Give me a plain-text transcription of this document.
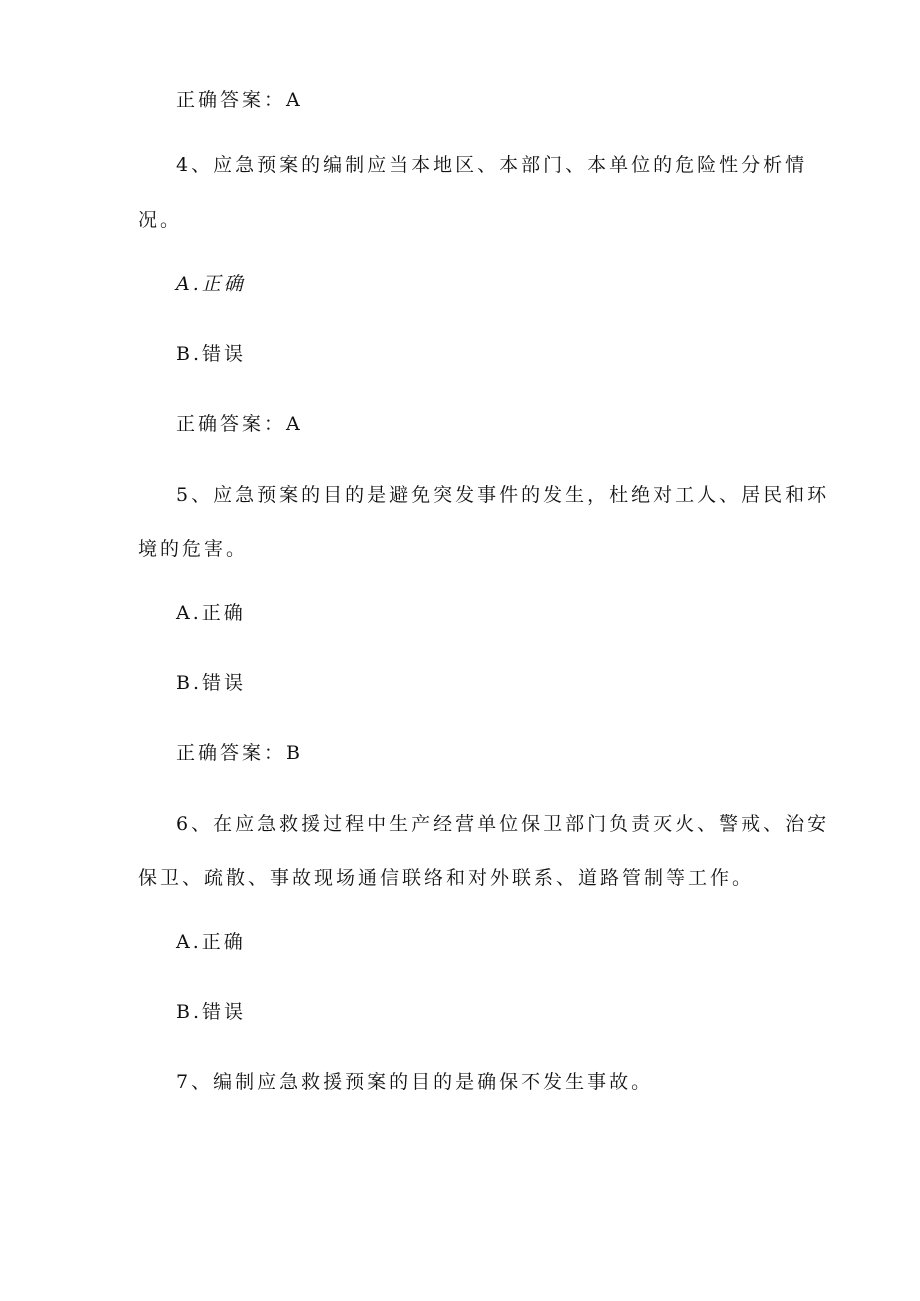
正确答案：A
4、应急预案的编制应当本地区、本部门、本单位的危险性分析情
况。
A.正确
B.错误
正确答案：A
5、应急预案的目的是避免突发事件的发生，杜绝对工人、居民和环
境的危害。
A.正确
B.错误
正确答案：B
6、在应急救援过程中生产经营单位保卫部门负责灭火、警戒、治安
保卫、疏散、事故现场通信联络和对外联系、道路管制等工作。
A.正确
B.错误
7、编制应急救援预案的目的是确保不发生事故。
